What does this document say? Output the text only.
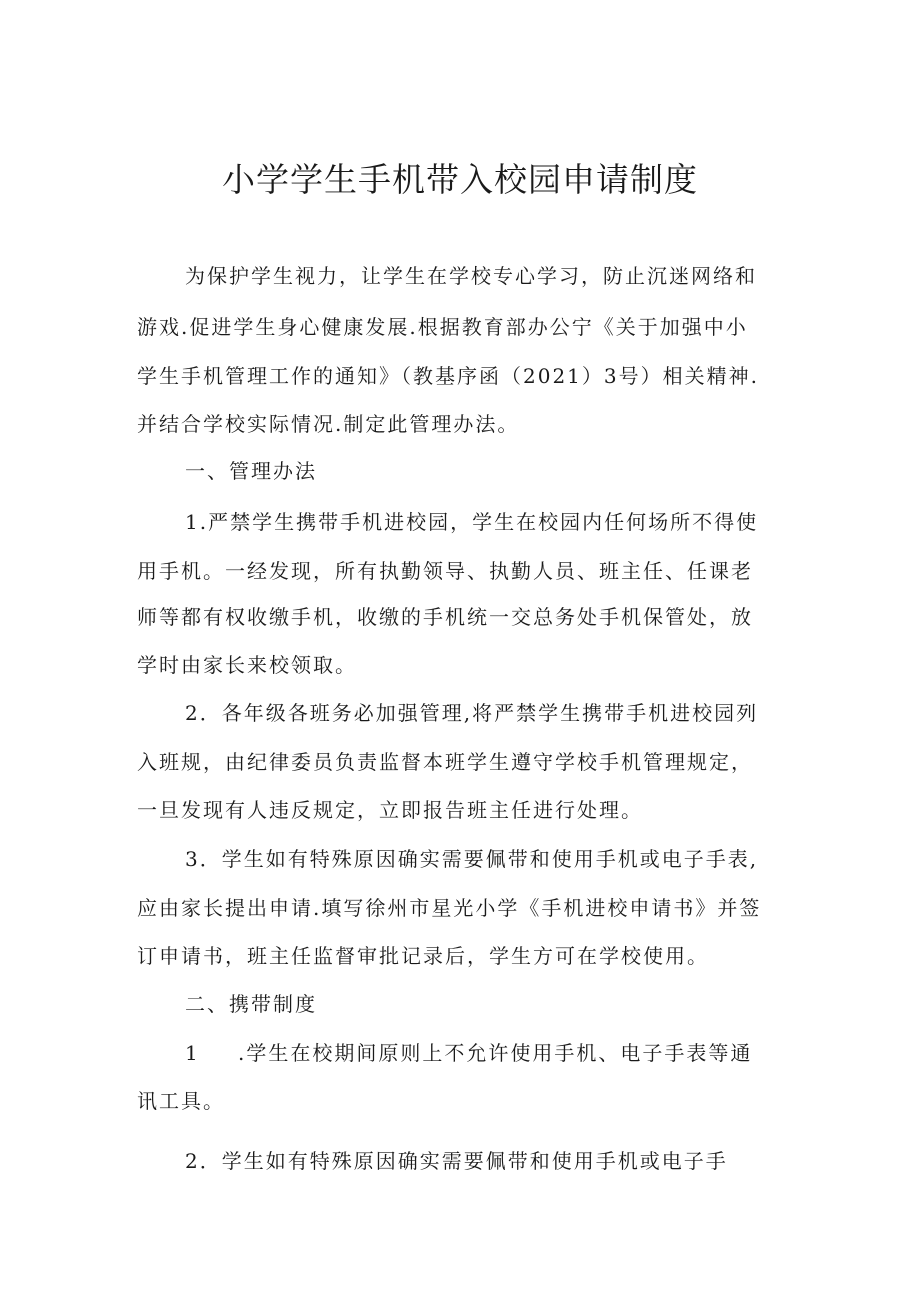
小学学生手机带入校园申请制度
为保护学生视力，让学生在学校专心学习，防止沉迷网络和
游戏.促进学生身心健康发展.根据教育部办公宁《关于加强中小
学生手机管理工作的通知》（教基序函（2021）3号）相关精神.
并结合学校实际情况.制定此管理办法。
一、管理办法
1.严禁学生携带手机进校园，学生在校园内任何场所不得使
用手机。一经发现，所有执勤领导、执勤人员、班主任、任课老
师等都有权收缴手机，收缴的手机统一交总务处手机保管处，放
学时由家长来校领取。
2．各年级各班务必加强管理,将严禁学生携带手机进校园列
入班规，由纪律委员负责监督本班学生遵守学校手机管理规定，
一旦发现有人违反规定，立即报告班主任进行处理。
3．学生如有特殊原因确实需要佩带和使用手机或电子手表,
应由家长提出申请.填写徐州市星光小学《手机进校申请书》并签
订申请书，班主任监督审批记录后，学生方可在学校使用。
二、携带制度
1 .学生在校期间原则上不允许使用手机、电子手表等通
讯工具。
2．学生如有特殊原因确实需要佩带和使用手机或电子手
